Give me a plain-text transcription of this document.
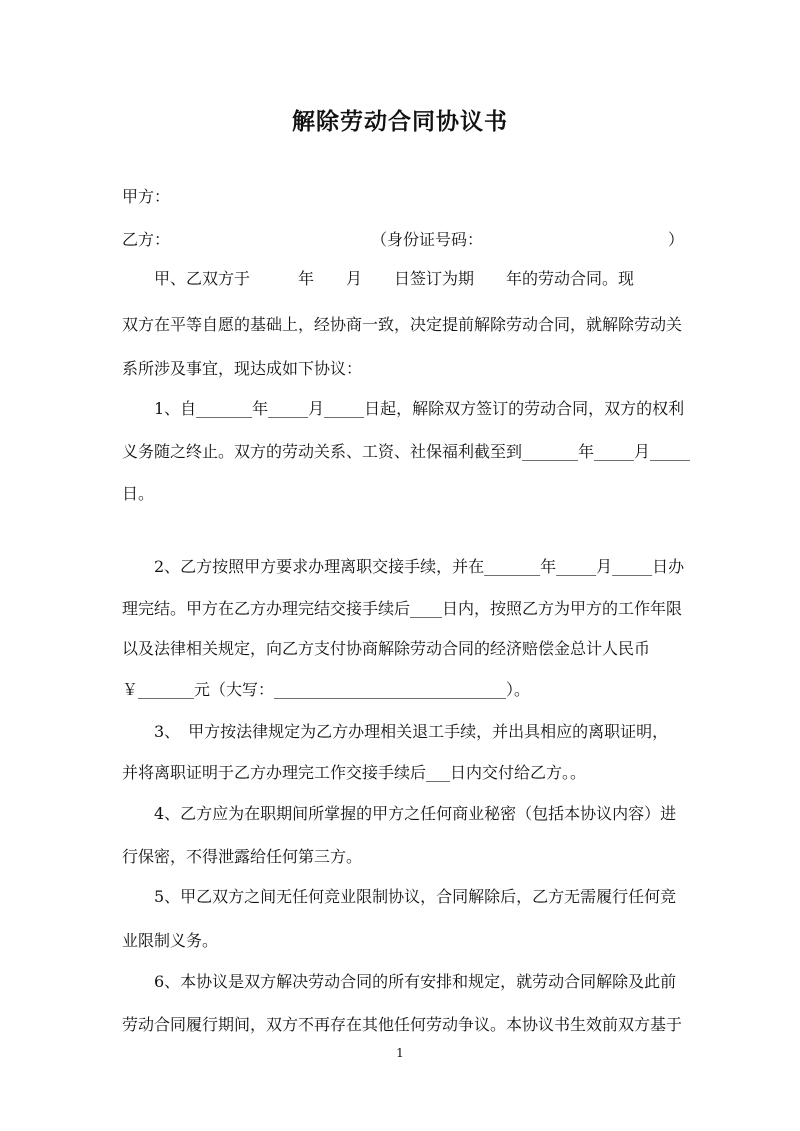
解除劳动合同协议书
甲方：
乙方：	（身份证号码：	）
甲、乙双方于　　　年　　月　　日签订为期　　年的劳动合同。现
双方在平等自愿的基础上，经协商一致，决定提前解除劳动合同，就解除劳动关
系所涉及事宜，现达成如下协议：
1、自_______年_____月_____日起，解除双方签订的劳动合同，双方的权利
义务随之终止。双方的劳动关系、工资、社保福利截至到_______年_____月_____
日。
2、乙方按照甲方要求办理离职交接手续，并在_______年_____月_____日办
理完结。甲方在乙方办理完结交接手续后____日内，按照乙方为甲方的工作年限
以及法律相关规定，向乙方支付协商解除劳动合同的经济赔偿金总计人民币
￥_______元（大写：_____________________________）。
3、　甲方按法律规定为乙方办理相关退工手续，并出具相应的离职证明，
并将离职证明于乙方办理完工作交接手续后___日内交付给乙方。。
4、乙方应为在职期间所掌握的甲方之任何商业秘密（包括本协议内容）进
行保密，不得泄露给任何第三方。
5、甲乙双方之间无任何竞业限制协议，合同解除后，乙方无需履行任何竞
业限制义务。
6、本协议是双方解决劳动合同的所有安排和规定，就劳动合同解除及此前
劳动合同履行期间，双方不再存在其他任何劳动争议。本协议书生效前双方基于
1
